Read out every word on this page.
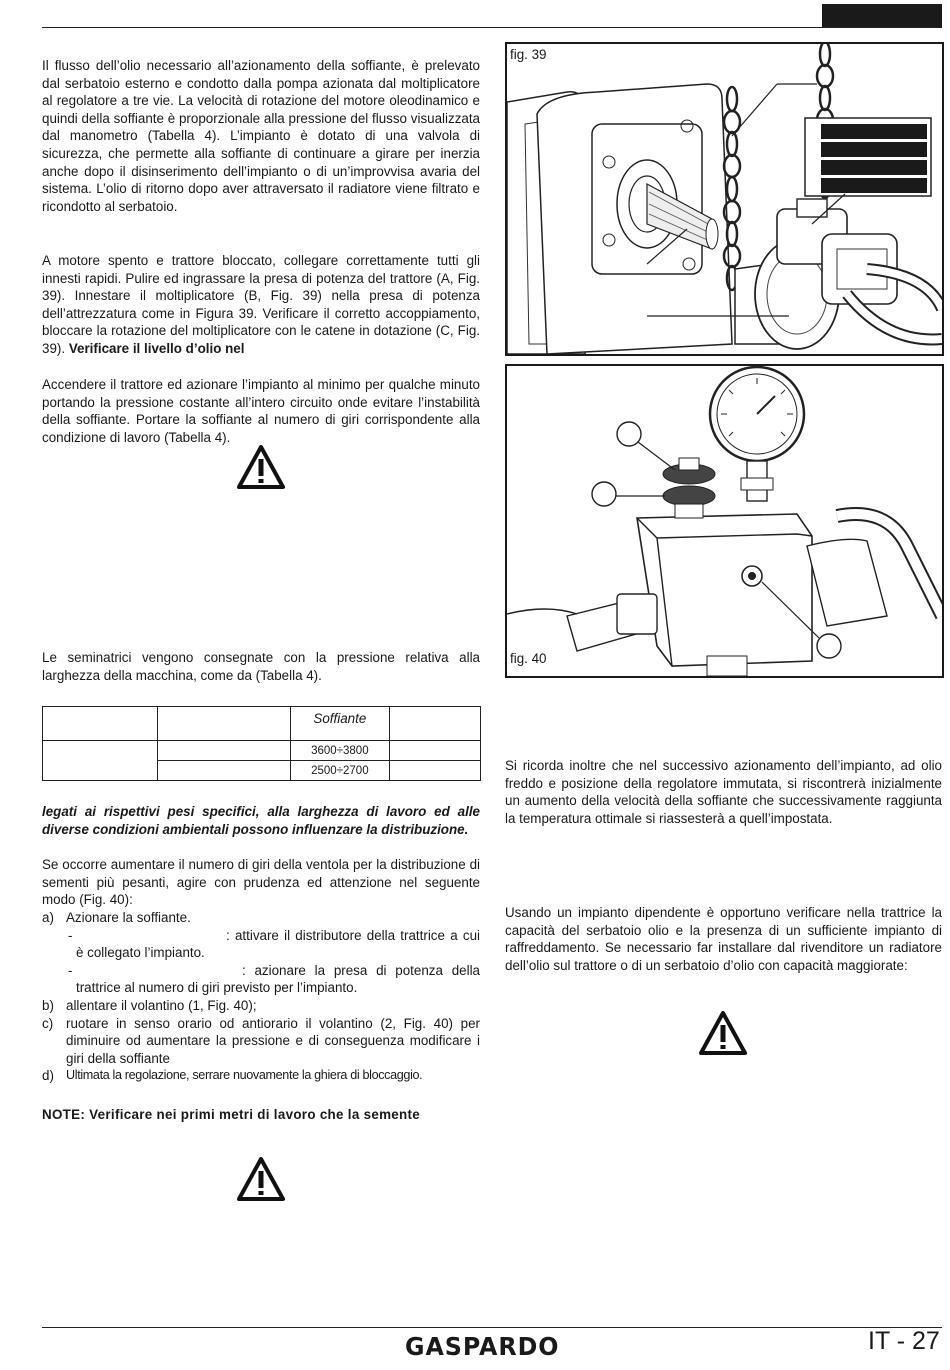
Il flusso dell’olio necessario all’azionamento della soffiante, è prelevato dal serbatoio esterno e condotto dalla pompa azionata dal moltiplicatore al regolatore a tre vie. La velocità di rotazione del motore oleodinamico e quindi della soffiante è proporzionale alla pressione del flusso visualizzata dal manometro (Tabella 4). L’impianto è dotato di una valvola di sicurezza, che permette alla soffiante di continuare a girare per inerzia anche dopo il disinserimento dell’impianto o di un’improvvisa avaria del sistema. L’olio di ritorno dopo aver attraversato il radiatore viene filtrato e ricondotto al serbatoio.
A motore spento e trattore bloccato, collegare correttamente tutti gli innesti rapidi. Pulire ed ingrassare la presa di potenza del trattore (A, Fig. 39). Innestare il moltiplicatore (B, Fig. 39) nella presa di potenza dell’attrezzatura come in Figura 39. Verificare il corretto accoppiamento, bloccare la rotazione del moltiplicatore con le catene in dotazione (C, Fig. 39). Verificare il livello d’olio nel
Accendere il trattore ed azionare l’impianto al minimo per qualche minuto portando la pressione costante all’intero circuito onde evitare l’instabilità della soffiante. Portare la soffiante al numero di giri corrispondente alla condizione di lavoro (Tabella 4).
Le seminatrici vengono consegnate con la pressione relativa alla larghezza della macchina, come da (Tabella 4).
		Soffiante	
		3600÷3800	
		2500÷2700	
legati ai rispettivi pesi specifici, alla larghezza di lavoro ed alle diverse condizioni ambientali possono influenzare la distribuzione.
Se occorre aumentare il numero di giri della ventola per la distribuzione di sementi più pesanti, agire con prudenza ed attenzione nel seguente modo (Fig. 40):
a) Azionare la soffiante.
-	: attivare il distributore della trattrice a cui è collegato l’impianto.
-	: azionare la presa di potenza della trattrice al numero di giri previsto per l’impianto.
b) allentare il volantino (1, Fig. 40);
c) ruotare in senso orario od antiorario il volantino (2, Fig. 40) per diminuire od aumentare la pressione e di conseguenza modificare i giri della soffiante
d) Ultimata la regolazione, serrare nuovamente la ghiera di bloccaggio.
NOTE: Verificare nei primi metri di lavoro che la semente
fig. 39
fig. 40
Si ricorda inoltre che nel successivo azionamento dell’impianto, ad olio freddo e posizione della regolatore immutata, si riscontrerà inizialmente un aumento della velocità della soffiante che successivamente raggiunta la temperatura ottimale si riassesterà a quell’impostata.
Usando un impianto dipendente è opportuno verificare nella trattrice la capacità del serbatoio olio e la presenza di un sufficiente impianto di raffreddamento. Se necessario far installare dal rivenditore un radiatore dell’olio sul trattore o di un serbatoio d’olio con capacità maggiorate:
GASPARDO	IT - 27
